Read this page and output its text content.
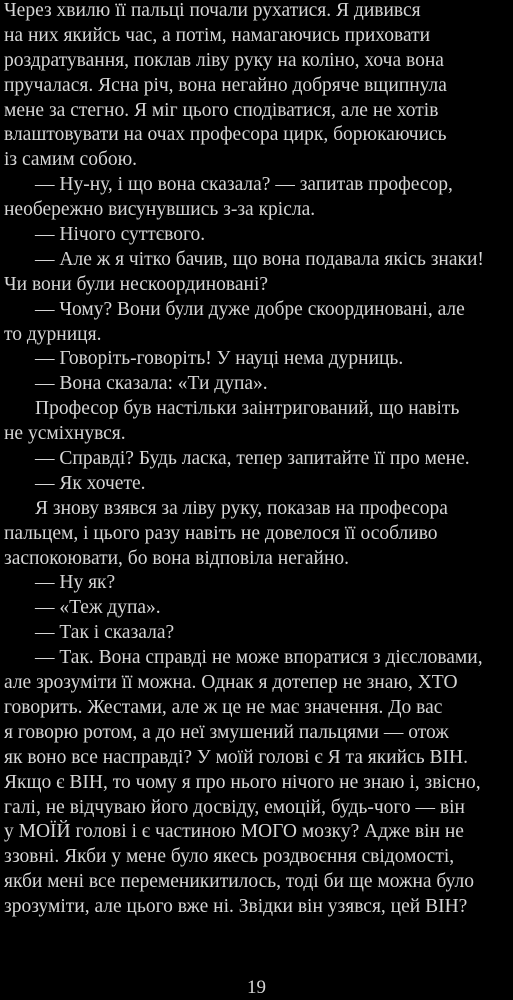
Через хвилю її пальці почали рухатися. Я дивився
на них якийсь час, а потім, намагаючись приховати
роздратування, поклав ліву руку на коліно, хоча вона
пручалася. Ясна річ, вона негайно добряче вщипнула
мене за стегно. Я міг цього сподіватися, але не хотів
влаштовувати на очах професора цирк, борюкаючись
із самим собою.
— Ну-ну, і що вона сказала? — запитав професор,
необережно висунувшись з-за крісла.
— Нічого суттєвого.
— Але ж я чітко бачив, що вона подавала якісь знаки!
Чи вони були нескоординовані?
— Чому? Вони були дуже добре скоординовані, але
то дурниця.
— Говоріть-говоріть! У науці нема дурниць.
— Вона сказала: «Ти дупа».
Професор був настільки заінтригований, що навіть
не усміхнувся.
— Справді? Будь ласка, тепер запитайте її про мене.
— Як хочете.
Я знову взявся за ліву руку, показав на професора
пальцем, і цього разу навіть не довелося її особливо
заспокоювати, бо вона відповіла негайно.
— Ну як?
— «Теж дупа».
— Так і сказала?
— Так. Вона справді не може впоратися з дієсловами,
але зрозуміти її можна. Однак я дотепер не знаю, ХТО
говорить. Жестами, але ж це не має значення. До вас
я говорю ротом, а до неї змушений пальцями — отож
як воно все насправді? У моїй голові є Я та якийсь ВІН.
Якщо є ВІН, то чому я про нього нічого не знаю і, звісно,
галі, не відчуваю його досвіду, емоцій, будь-чого — він
у МОЇЙ голові і є частиною МОГО мозку? Адже він не
ззовні. Якби у мене було якесь роздвоєння свідомості,
якби мені все переменикитилось, тоді би ще можна було
зрозуміти, але цього вже ні. Звідки він узявся, цей ВІН?
19
